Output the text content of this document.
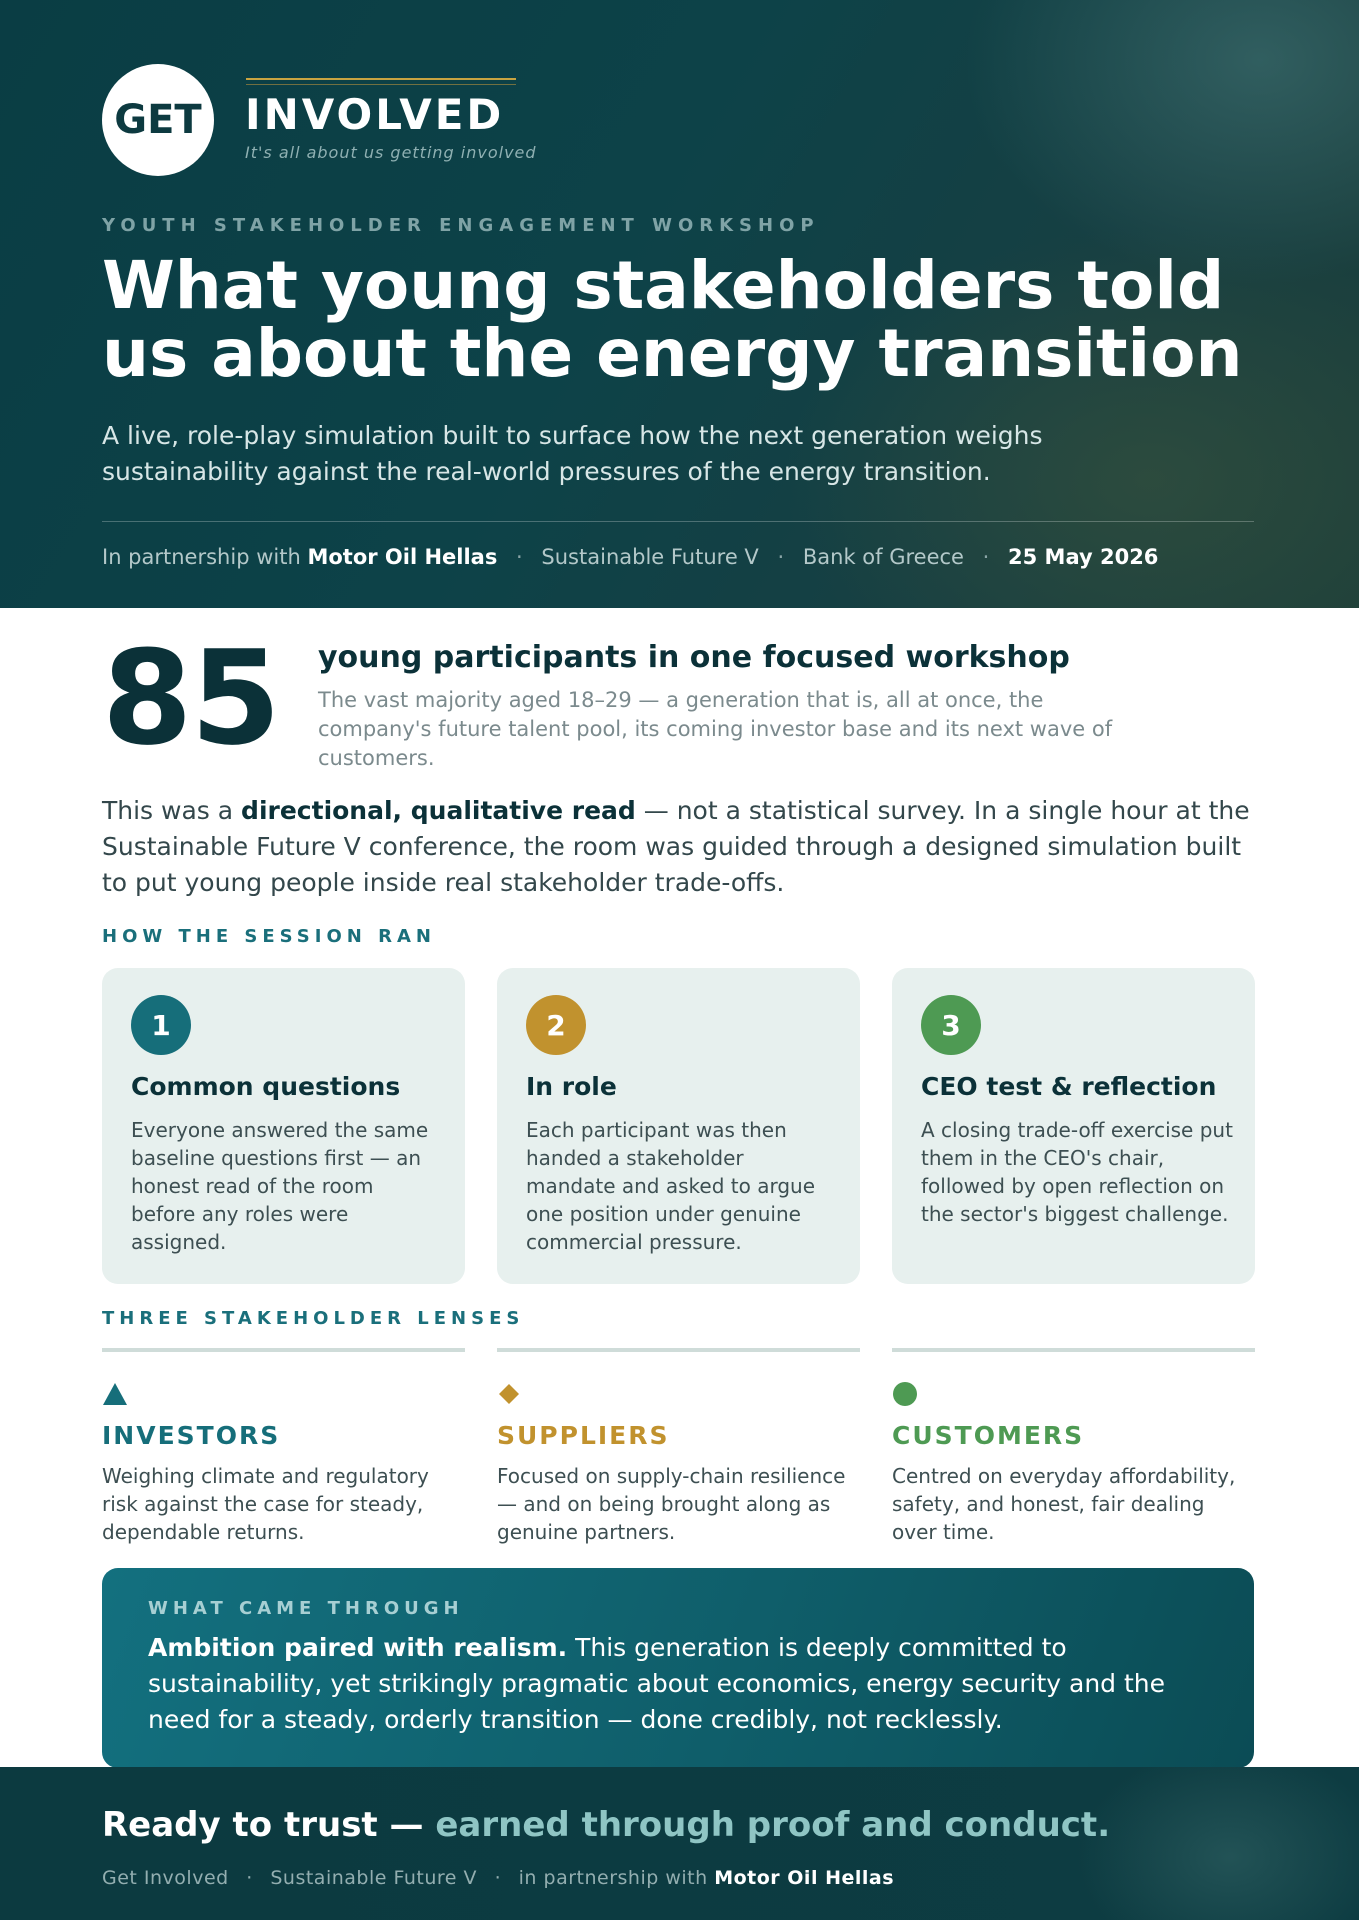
GET INVOLVED
It's all about us getting involved
YOUTH STAKEHOLDER ENGAGEMENT WORKSHOP
What young stakeholders told us about the energy transition

A live, role-play simulation built to surface how the next generation weighs sustainability against the real-world pressures of the energy transition.

In partnership with Motor Oil Hellas · Sustainable Future V · Bank of Greece · 25 May 2026
85 young participants in one focused workshop
The vast majority aged 18–29 — a generation that is, all at once, the company's future talent pool, its coming investor base and its next wave of customers.

This was a directional, qualitative read — not a statistical survey. In a single hour at the Sustainable Future V conference, the room was guided through a designed simulation built to put young people inside real stakeholder trade-offs.

HOW THE SESSION RAN
1
Common questions
Everyone answered the same baseline questions first — an honest read of the room before any roles were assigned.
2
In role
Each participant was then handed a stakeholder mandate and asked to argue one position under genuine commercial pressure.
3
CEO test & reflection
A closing trade-off exercise put them in the CEO's chair, followed by open reflection on the sector's biggest challenge.
THREE STAKEHOLDER LENSES
INVESTORS
Weighing climate and regulatory risk against the case for steady, dependable returns.
SUPPLIERS
Focused on supply-chain resilience — and on being brought along as genuine partners.
CUSTOMERS
Centred on everyday affordability, safety, and honest, fair dealing over time.
WHAT CAME THROUGH

Ambition paired with realism. This generation is deeply committed to sustainability, yet strikingly pragmatic about economics, energy security and the need for a steady, orderly transition — done credibly, not recklessly.

Ready to trust — earned through proof and conduct.
Get Involved · Sustainable Future V · in partnership with Motor Oil Hellas
